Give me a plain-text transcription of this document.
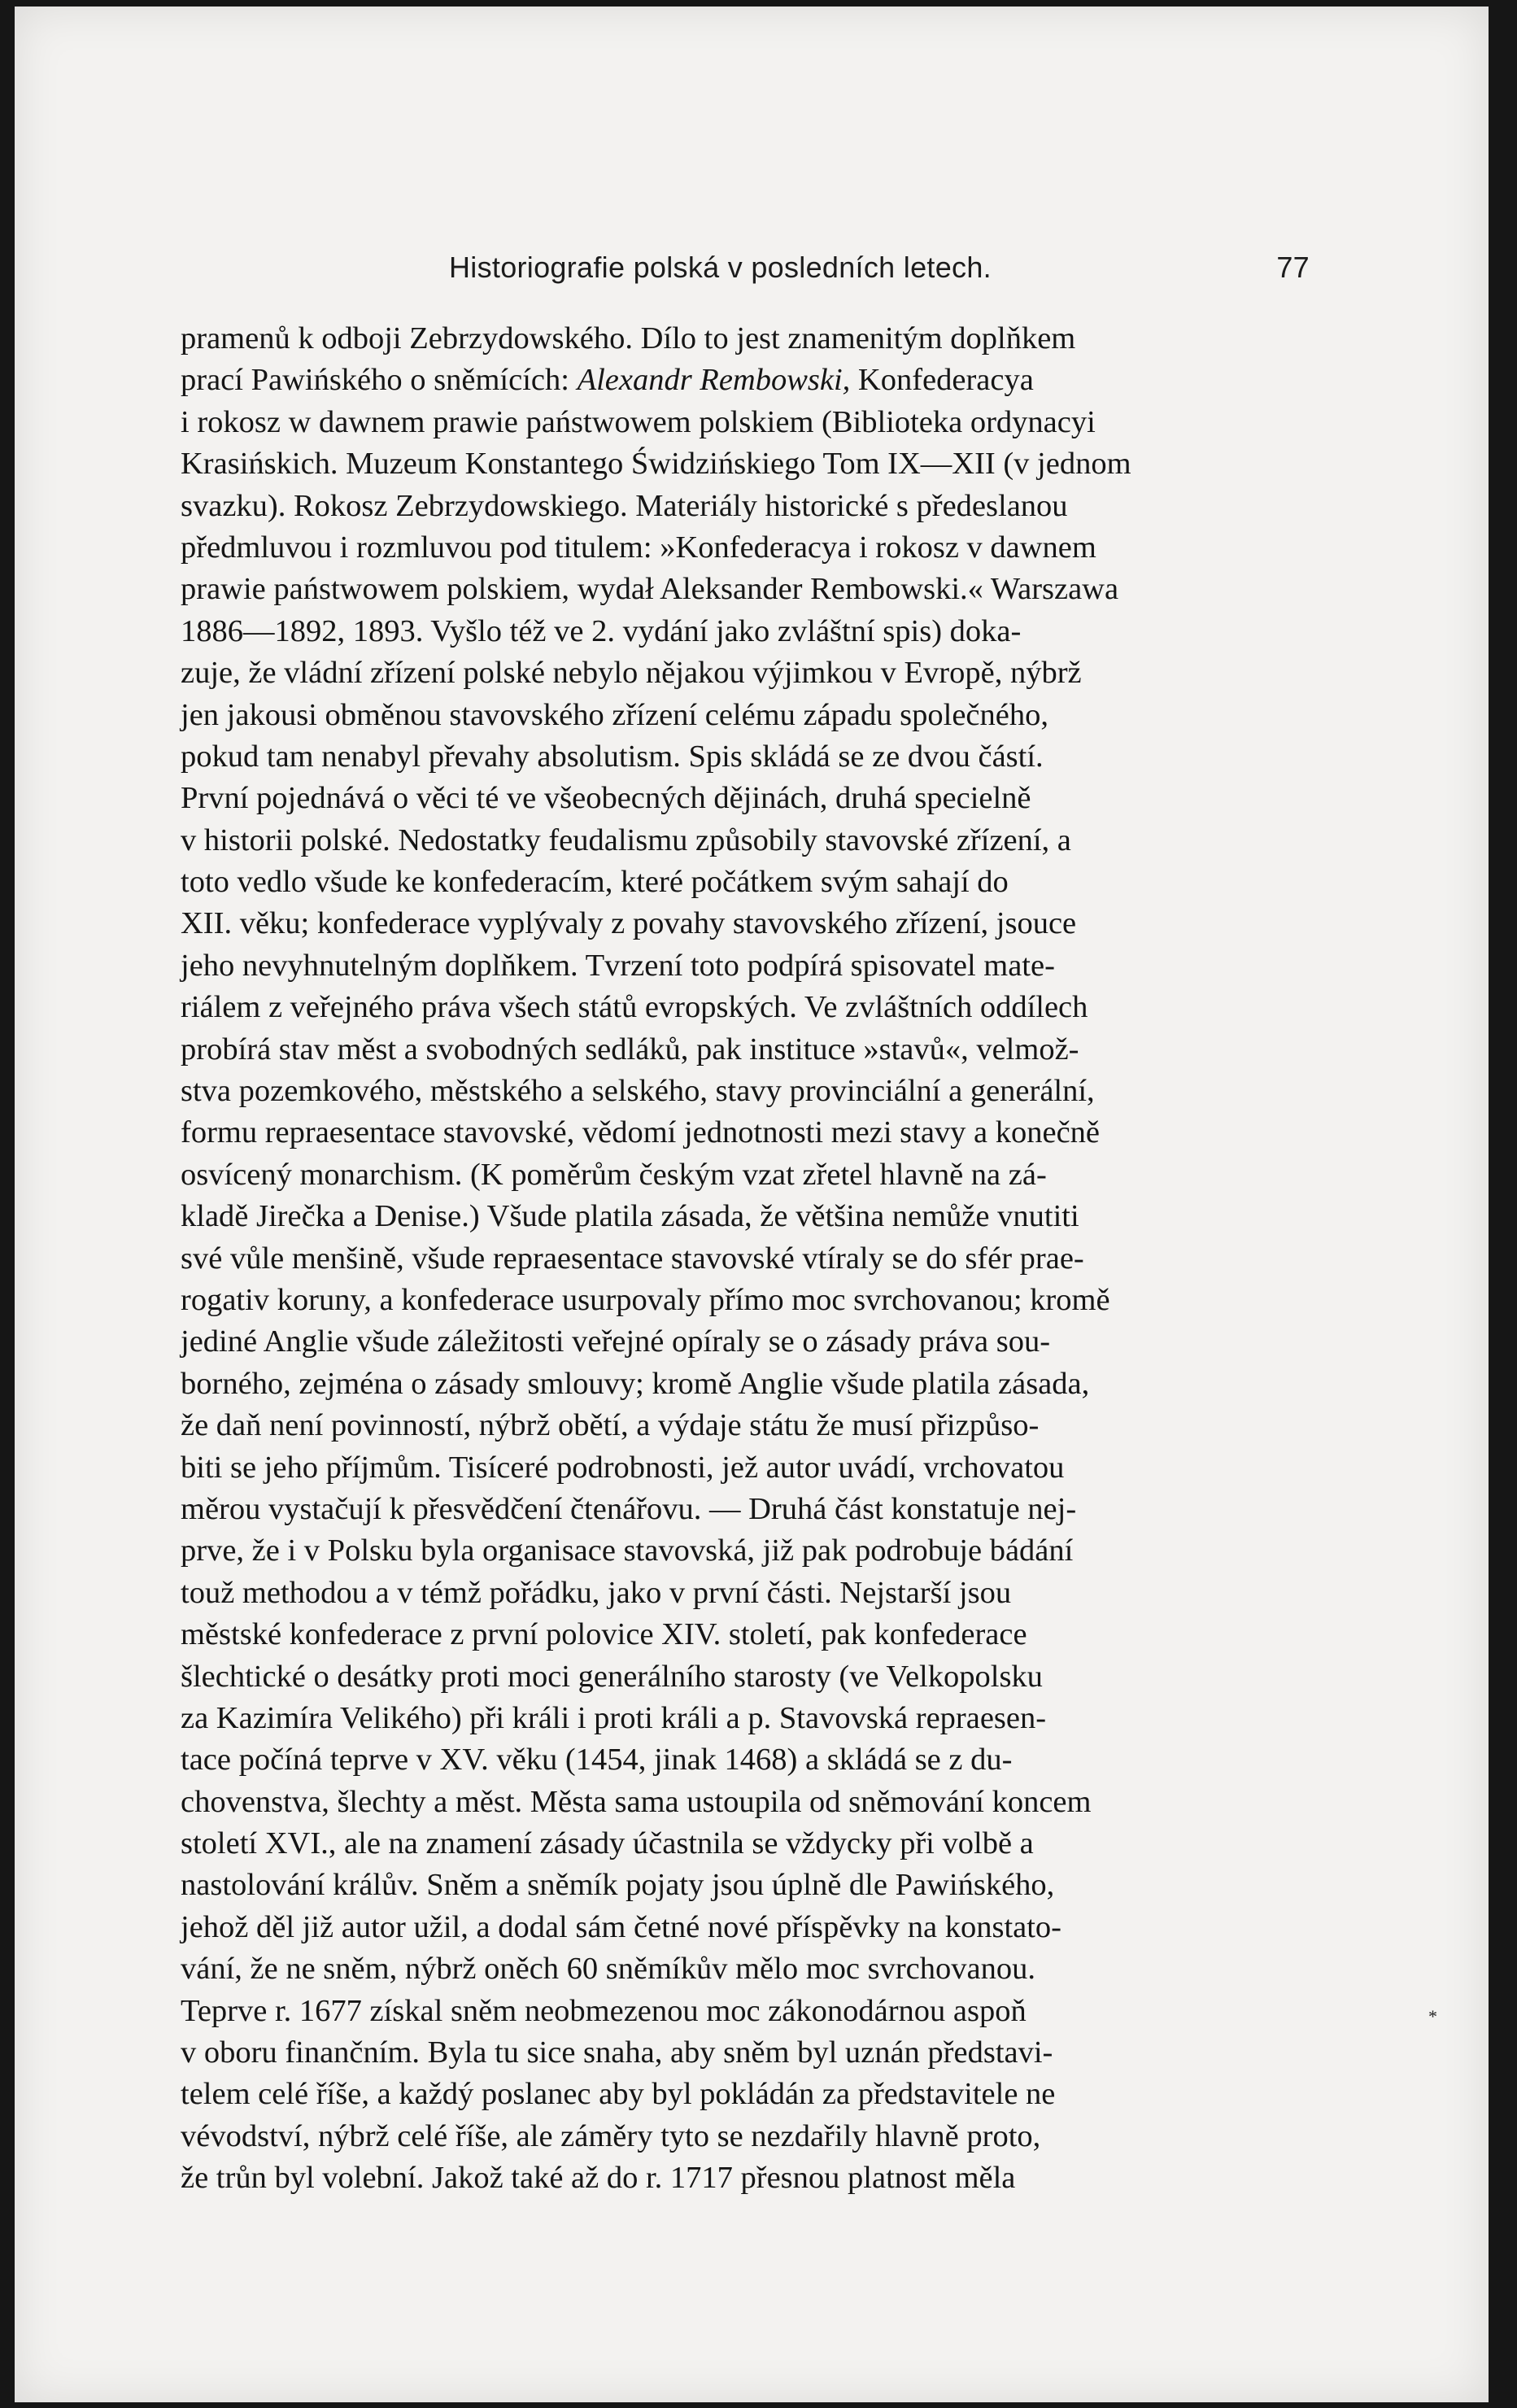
Historiografie polská v posledních letech.	77
pramenů k odboji Zebrzydowského. Dílo to jest znamenitým doplňkem
prací Pawińského o sněmících: Alexandr Rembowski, Konfederacya
i rokosz w dawnem prawie państwowem polskiem (Biblioteka ordynacyi
Krasińskich. Muzeum Konstantego Świdzińskiego Tom IX—XII (v jednom
svazku). Rokosz Zebrzydowskiego. Materiály historické s předeslanou
předmluvou i rozmluvou pod titulem: »Konfederacya i rokosz v dawnem
prawie państwowem polskiem, wydał Aleksander Rembowski.« Warszawa
1886—1892, 1893. Vyšlo též ve 2. vydání jako zvláštní spis) doka-
zuje, že vládní zřízení polské nebylo nějakou výjimkou v Evropě, nýbrž
jen jakousi obměnou stavovského zřízení celému západu společného,
pokud tam nenabyl převahy absolutism. Spis skládá se ze dvou částí.
První pojednává o věci té ve všeobecných dějinách, druhá specielně
v historii polské. Nedostatky feudalismu způsobily stavovské zřízení, a
toto vedlo všude ke konfederacím, které počátkem svým sahají do
XII. věku; konfederace vyplývaly z povahy stavovského zřízení, jsouce
jeho nevyhnutelným doplňkem. Tvrzení toto podpírá spisovatel mate-
riálem z veřejného práva všech států evropských. Ve zvláštních oddílech
probírá stav měst a svobodných sedláků, pak instituce »stavů«, velmož-
stva pozemkového, městského a selského, stavy provinciální a generální,
formu repraesentace stavovské, vědomí jednotnosti mezi stavy a konečně
osvícený monarchism. (K poměrům českým vzat zřetel hlavně na zá-
kladě Jirečka a Denise.) Všude platila zásada, že většina nemůže vnutiti
své vůle menšině, všude repraesentace stavovské vtíraly se do sfér prae-
rogativ koruny, a konfederace usurpovaly přímo moc svrchovanou; kromě
jediné Anglie všude záležitosti veřejné opíraly se o zásady práva sou-
borného, zejména o zásady smlouvy; kromě Anglie všude platila zásada,
že daň není povinností, nýbrž obětí, a výdaje státu že musí přizpůso-
biti se jeho příjmům. Tisíceré podrobnosti, jež autor uvádí, vrchovatou
měrou vystačují k přesvědčení čtenářovu. — Druhá část konstatuje nej-
prve, že i v Polsku byla organisace stavovská, již pak podrobuje bádání
touž methodou a v témž pořádku, jako v první části. Nejstarší jsou
městské konfederace z první polovice XIV. století, pak konfederace
šlechtické o desátky proti moci generálního starosty (ve Velkopolsku
za Kazimíra Velikého) při králi i proti králi a p. Stavovská repraesen-
tace počíná teprve v XV. věku (1454, jinak 1468) a skládá se z du-
chovenstva, šlechty a měst. Města sama ustoupila od sněmování koncem
století XVI., ale na znamení zásady účastnila se vždycky při volbě a
nastolování králův. Sněm a sněmík pojaty jsou úplně dle Pawińského,
jehož děl již autor užil, a dodal sám četné nové příspěvky na konstato-
vání, že ne sněm, nýbrž oněch 60 sněmíkův mělo moc svrchovanou.
Teprve r. 1677 získal sněm neobmezenou moc zákonodárnou aspoň
v oboru finančním. Byla tu sice snaha, aby sněm byl uznán představi-
telem celé říše, a každý poslanec aby byl pokládán za představitele ne
vévodství, nýbrž celé říše, ale záměry tyto se nezdařily hlavně proto,
že trůn byl volební. Jakož také až do r. 1717 přesnou platnost měla
*
